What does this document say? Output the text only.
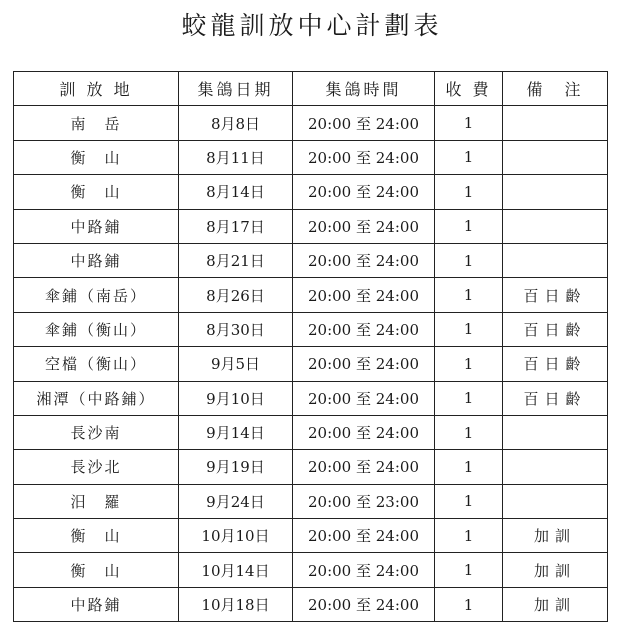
蛟龍訓放中心計劃表
訓 放 地	集鴿日期	集鴿時間	收 費	備　注
南　岳	8月8日	20:00 至 24:00	1	
衡　山	8月11日	20:00 至 24:00	1	
衡　山	8月14日	20:00 至 24:00	1	
中路鋪	8月17日	20:00 至 24:00	1	
中路鋪	8月21日	20:00 至 24:00	1	
傘鋪（南岳）	8月26日	20:00 至 24:00	1	百日齡
傘鋪（衡山）	8月30日	20:00 至 24:00	1	百日齡
空檔（衡山）	9月5日	20:00 至 24:00	1	百日齡
湘潭（中路鋪）	9月10日	20:00 至 24:00	1	百日齡
長沙南	9月14日	20:00 至 24:00	1	
長沙北	9月19日	20:00 至 24:00	1	
汨　羅	9月24日	20:00 至 23:00	1	
衡　山	10月10日	20:00 至 24:00	1	加訓
衡　山	10月14日	20:00 至 24:00	1	加訓
中路鋪	10月18日	20:00 至 24:00	1	加訓
